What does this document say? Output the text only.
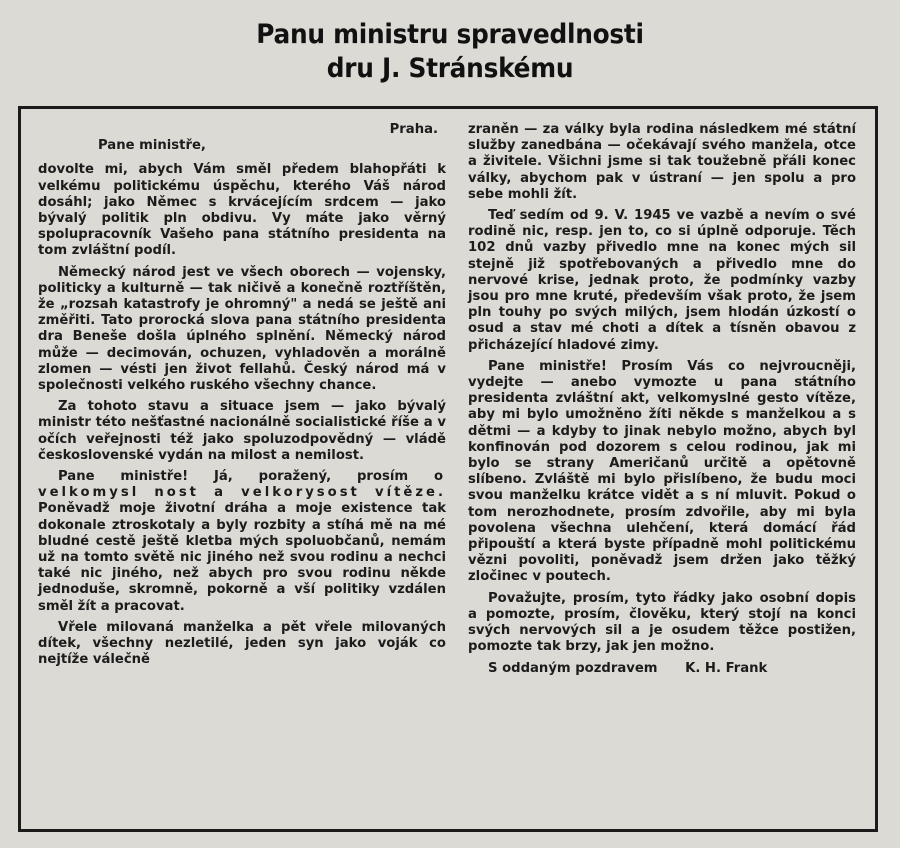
Panu ministru spravedlnosti
dru J. Stránskému

Praha.

Pane ministře,

dovolte mi, abych Vám směl předem blahopřáti k velkému politickému úspěchu, kterého Váš národ dosáhl; jako Němec s krvácejícím srdcem — jako bývalý politik pln obdivu. Vy máte jako věrný spolupracovník Vašeho pana státního presidenta na tom zvláštní podíl.

Německý národ jest ve všech oborech — vojensky, politicky a kulturně — tak ničivě a konečně roztříštěn, že „rozsah katastrofy je ohromný" a nedá se ještě ani změřiti. Tato prorocká slova pana státního presidenta dra Beneše došla úplného splnění. Německý národ může — decimován, ochuzen, vyhladověn a morálně zlomen — vésti jen život fellahů. Český národ má v společnosti velkého ruského všechny chance.

Za tohoto stavu a situace jsem — jako bývalý ministr této nešťastné nacionálně socialistické říše a v očích veřejnosti též jako spoluzodpovědný — vládě československé vydán na milost a nemilost.

Pane ministře! Já, poražený, prosím o velkomysl nost a velkorysost vítěze. Poněvadž moje životní dráha a moje existence tak dokonale ztroskotaly a byly rozbity a stíhá mě na mé bludné cestě ještě kletba mých spoluobčanů, nemám už na tomto světě nic jiného než svou rodinu a nechci také nic jiného, než abych pro svou rodinu někde jednoduše, skromně, pokorně a vší politiky vzdálen směl žít a pracovat.

Vřele milovaná manželka a pět vřele milovaných dítek, všechny nezletilé, jeden syn jako voják co nejtíže válečně

zraněn — za války byla rodina následkem mé státní služby zanedbána — očekávají svého manžela, otce a živitele. Všichni jsme si tak toužebně přáli konec války, abychom pak v ústraní — jen spolu a pro sebe mohli žít.

Teď sedím od 9. V. 1945 ve vazbě a nevím o své rodině nic, resp. jen to, co si úplně odporuje. Těch 102 dnů vazby přivedlo mne na konec mých sil stejně již spotřebovaných a přivedlo mne do nervové krise, jednak proto, že podmínky vazby jsou pro mne kruté, především však proto, že jsem pln touhy po svých milých, jsem hlodán úzkostí o osud a stav mé choti a dítek a tísněn obavou z přicházející hladové zimy.

Pane ministře! Prosím Vás co nejvroucněji, vydejte — anebo vymozte u pana státního presidenta zvláštní akt, velkomyslné gesto vítěze, aby mi bylo umožněno žíti někde s manželkou a s dětmi — a kdyby to jinak nebylo možno, abych byl konfinován pod dozorem s celou rodinou, jak mi bylo se strany Američanů určitě a opětovně slíbeno. Zvláště mi bylo přislíbeno, že budu moci svou manželku krátce vidět a s ní mluvit. Pokud o tom nerozhodnete, prosím zdvořile, aby mi byla povolena všechna ulehčení, která domácí řád připouští a která byste případně mohl politickému vězni povoliti, poněvadž jsem držen jako těžký zločinec v poutech.

Považujte, prosím, tyto řádky jako osobní dopis a pomozte, prosím, člověku, který stojí na konci svých nervových sil a je osudem těžce postižen, pomozte tak brzy, jak jen možno.

S oddaným pozdravem K. H. Frank
